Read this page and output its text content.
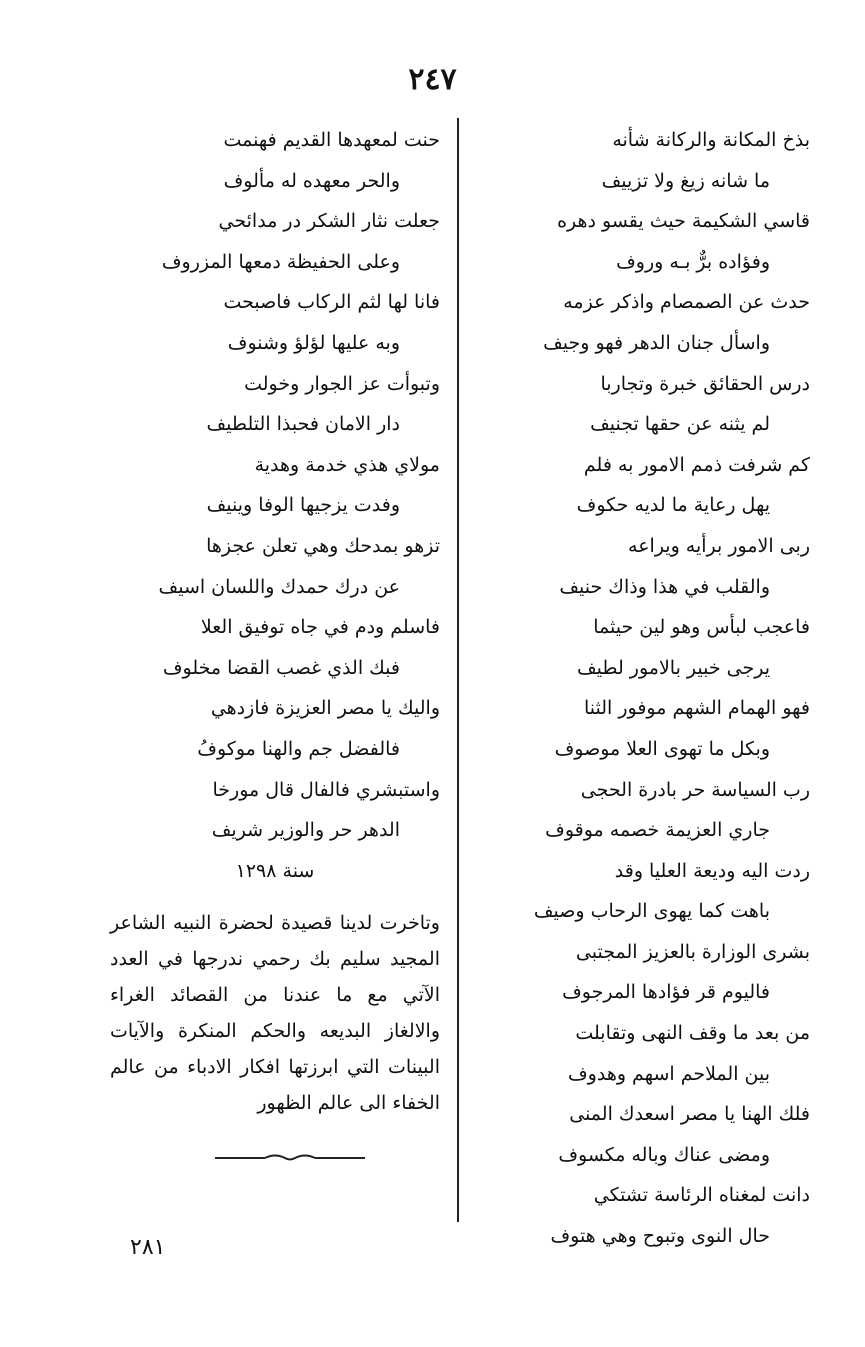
٢٤٧
بذخ المكانة والركانة شأنه
ما شانه زيغ ولا تزييف
قاسي الشكيمة حيث يقسو دهره
وفؤاده برٌّ بـه وروف
حدث عن الصمصام واذكر عزمه
واسأل جنان الدهر فهو وجيف
درس الحقائق خبرة وتجاربا
لم يثنه عن حقها تجنيف
كم شرفت ذمم الامور به فلم
يهل رعاية ما لديه حكوف
ربى الامور برأيه ويراعه
والقلب في هذا وذاك حنيف
فاعجب لبأس وهو لين حيثما
يرجى خبير بالامور لطيف
فهو الهمام الشهم موفور الثنا
وبكل ما تهوى العلا موصوف
رب السياسة حر بادرة الحجى
جاري العزيمة خصمه موقوف
ردت اليه وديعة العليا وقد
باهت كما يهوى الرحاب وصيف
بشرى الوزارة بالعزيز المجتبى
فاليوم قر فؤادها المرجوف
من بعد ما وقف النهى وتقابلت
بين الملاحم اسهم وهدوف
فلك الهنا يا مصر اسعدك المنى
ومضى عناك وباله مكسوف
دانت لمغناه الرئاسة تشتكي
حال النوى وتبوح وهي هتوف
حنت لمعهدها القديم فهنمت
والحر معهده له مألوف
جعلت نثار الشكر در مدائحي
وعلى الحفيظة دمعها المزروف
فانا لها لثم الركاب فاصبحت
وبه عليها لؤلؤ وشنوف
وتبوأت عز الجوار وخولت
دار الامان فحبذا التلطيف
مولاي هذي خدمة وهدية
وفدت يزجيها الوفا وينيف
تزهو بمدحك وهي تعلن عجزها
عن درك حمدك واللسان اسيف
فاسلم ودم في جاه توفيق العلا
فبك الذي غصب القضا مخلوف
واليك يا مصر العزيزة فازدهي
فالفضل جم والهنا موكوفُ
واستبشري فالفال قال مورخا
الدهر حر والوزير شريف
سنة ١٢٩٨
وتاخرت لدينا قصيدة لحضرة النبيه الشاعر المجيد سليم بك رحمي ندرجها في العدد الآتي مع ما عندنا من القصائد الغراء والالغاز البديعه والحكم المنكرة والآيات البينات التي ابرزتها افكار الادباء من عالم الخفاء الى عالم الظهور
٢٨١
